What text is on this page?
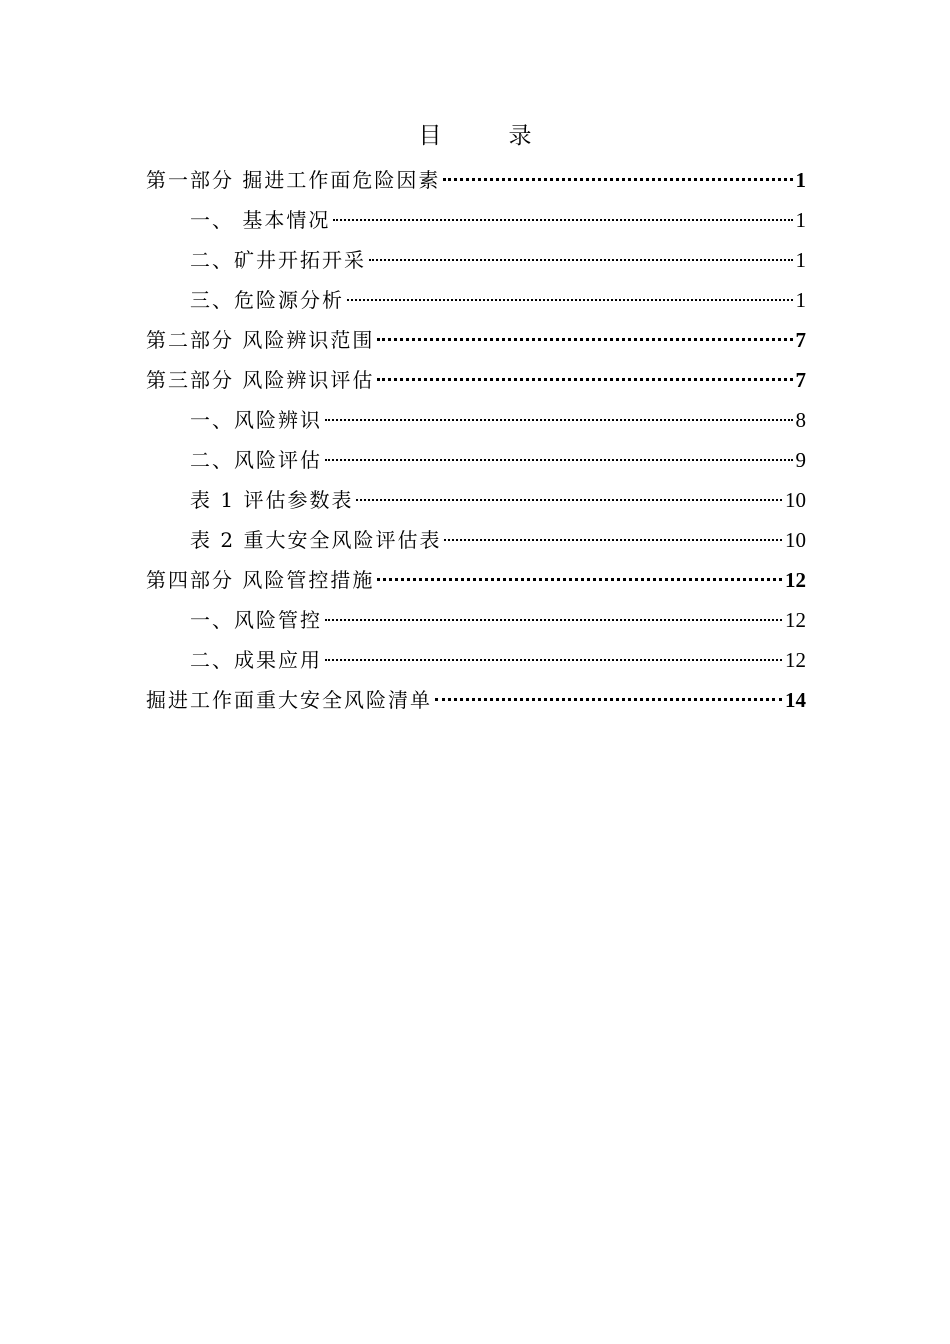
目　录
第一部分 掘进工作面危险因素	1
一、 基本情况	1
二、矿井开拓开采	1
三、危险源分析	1
第二部分 风险辨识范围	7
第三部分 风险辨识评估	7
一、风险辨识	8
二、风险评估	9
表 1 评估参数表	10
表 2 重大安全风险评估表	10
第四部分 风险管控措施	12
一、风险管控	12
二、成果应用	12
掘进工作面重大安全风险清单	14
